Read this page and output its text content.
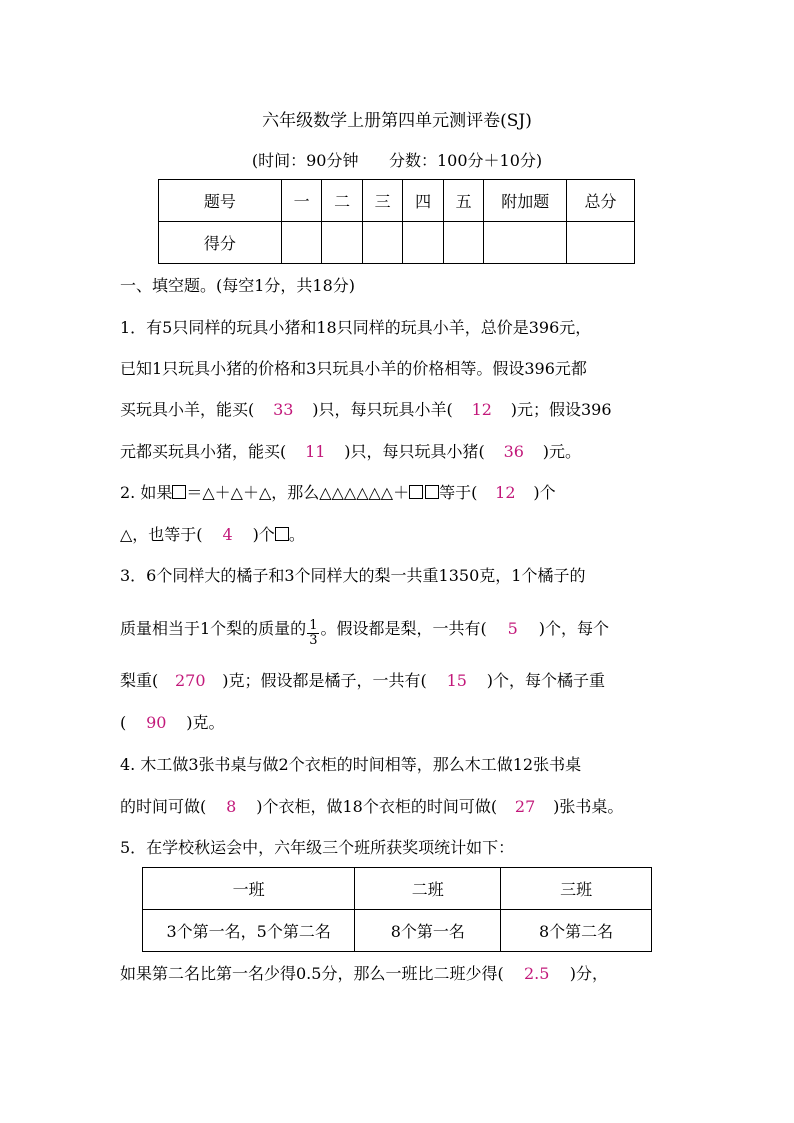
六年级数学上册第四单元测评卷(SJ)
(时间：90分钟      分数：100分＋10分)
题号	一	二	三	四	五	附加题	总分
得分							
一、填空题。(每空1分，共18分)
1．有5只同样的玩具小猪和18只同样的玩具小羊，总价是396元，
已知1只玩具小猪的价格和3只玩具小羊的价格相等。假设396元都
买玩具小羊，能买( 33 )只，每只玩具小羊( 12 )元；假设396
元都买玩具小猪，能买( 11 )只，每只玩具小猪( 36 )元。
2. 如果 ＝△＋△＋△，那么△△△△△△＋ 等于( 12 )个
△，也等于( 4 )个 。
3．6个同样大的橘子和3个同样大的梨一共重1350克，1个橘子的
质量相当于1个梨的质量的 $\frac{1}{3}$ 。假设都是梨，一共有( 5 )个，每个
梨重( 270 )克；假设都是橘子，一共有( 15 )个，每个橘子重
( 90 )克。
4. 木工做3张书桌与做2个衣柜的时间相等，那么木工做12张书桌
的时间可做( 8 )个衣柜，做18个衣柜的时间可做( 27 )张书桌。
5．在学校秋运会中，六年级三个班所获奖项统计如下：
一班	二班	三班
3个第一名，5个第二名	8个第一名	8个第二名
如果第二名比第一名少得0.5分，那么一班比二班少得( 2.5 )分，
